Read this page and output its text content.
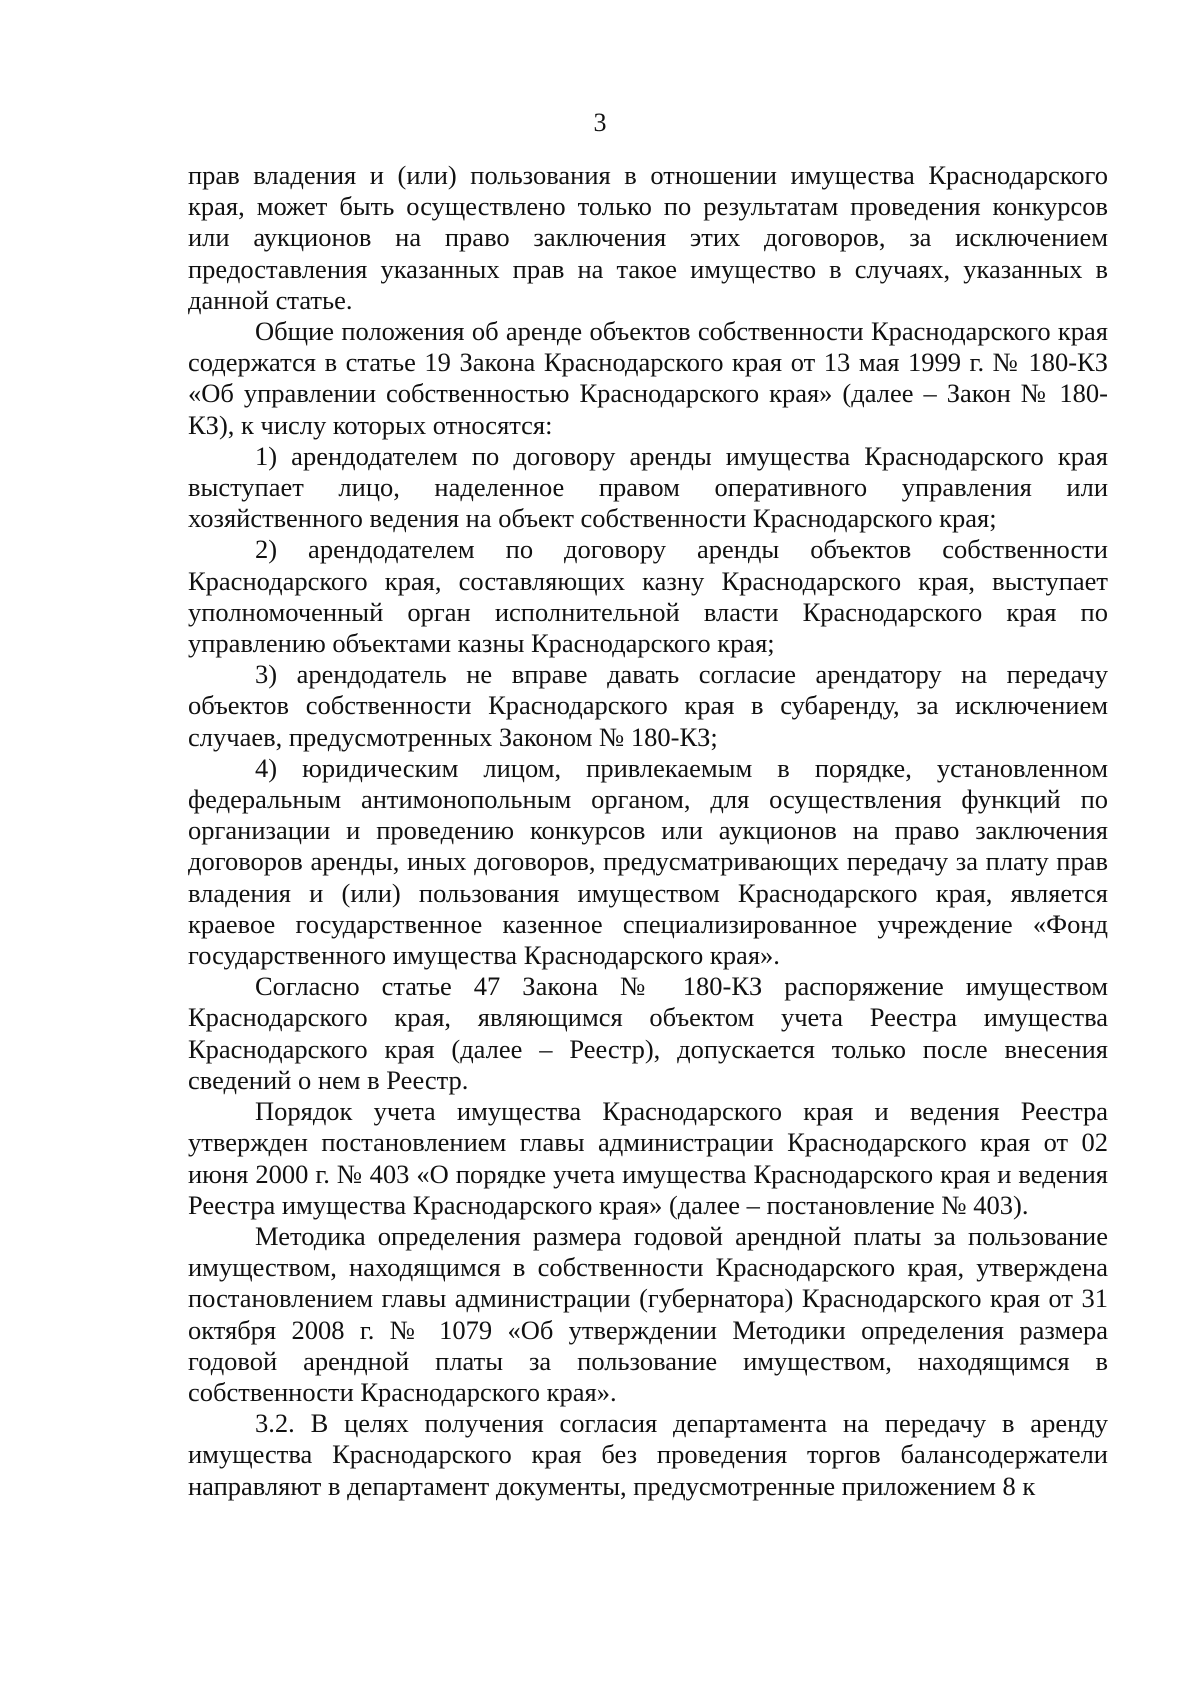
3

прав владения и (или) пользования в отношении имущества Краснодарского края, может быть осуществлено только по результатам проведения конкурсов или аукционов на право заключения этих договоров, за исключением предоставления указанных прав на такое имущество в случаях, указанных в данной статье.

Общие положения об аренде объектов собственности Краснодарского края содержатся в статье 19 Закона Краснодарского края от 13 мая 1999 г. № 180-КЗ «Об управлении собственностью Краснодарского края» (далее – Закон № 180-КЗ), к числу которых относятся:

1) арендодателем по договору аренды имущества Краснодарского края выступает лицо, наделенное правом оперативного управления или хозяйственного ведения на объект собственности Краснодарского края;

2) арендодателем по договору аренды объектов собственности Краснодарского края, составляющих казну Краснодарского края, выступает уполномоченный орган исполнительной власти Краснодарского края по управлению объектами казны Краснодарского края;

3) арендодатель не вправе давать согласие арендатору на передачу объектов собственности Краснодарского края в субаренду, за исключением случаев, предусмотренных Законом № 180-КЗ;

4) юридическим лицом, привлекаемым в порядке, установленном федеральным антимонопольным органом, для осуществления функций по организации и проведению конкурсов или аукционов на право заключения договоров аренды, иных договоров, предусматривающих передачу за плату прав владения и (или) пользования имуществом Краснодарского края, является краевое государственное казенное специализированное учреждение «Фонд государственного имущества Краснодарского края».

Согласно статье 47 Закона № 180-КЗ распоряжение имуществом Краснодарского края, являющимся объектом учета Реестра имущества Краснодарского края (далее – Реестр), допускается только после внесения сведений о нем в Реестр.

Порядок учета имущества Краснодарского края и ведения Реестра утвержден постановлением главы администрации Краснодарского края от 02 июня 2000 г. № 403 «О порядке учета имущества Краснодарского края и ведения Реестра имущества Краснодарского края» (далее – постановление № 403).

Методика определения размера годовой арендной платы за пользование имуществом, находящимся в собственности Краснодарского края, утверждена постановлением главы администрации (губернатора) Краснодарского края от 31 октября 2008 г. № 1079 «Об утверждении Методики определения размера годовой арендной платы за пользование имуществом, находящимся в собственности Краснодарского края».

3.2. В целях получения согласия департамента на передачу в аренду имущества Краснодарского края без проведения торгов балансодержатели направляют в департамент документы, предусмотренные приложением 8 к
